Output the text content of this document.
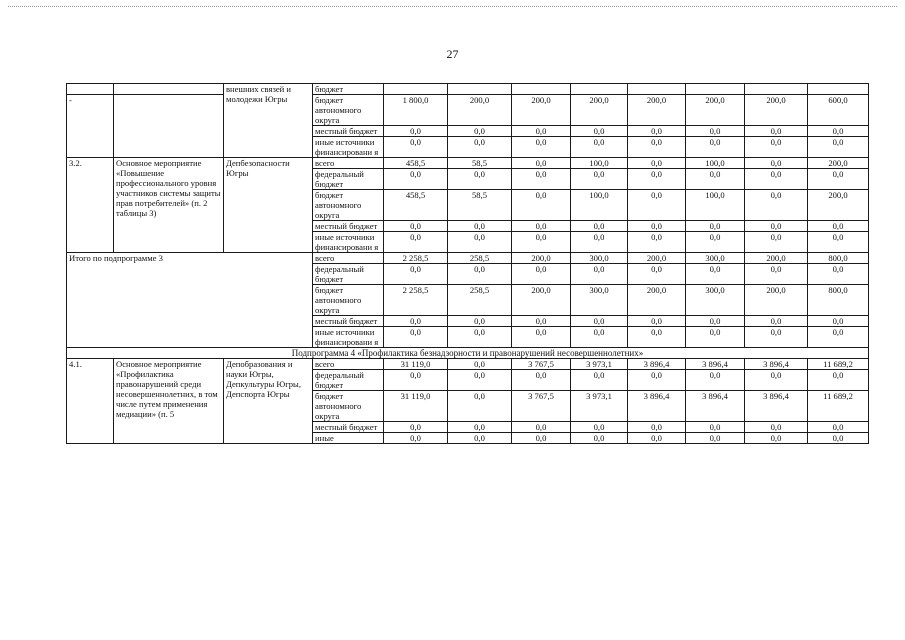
27
		внешних связей и молодежи Югры	бюджет								
-			бюджет автономного округа	1 800,0	200,0	200,0	200,0	200,0	200,0	200,0	600,0
			местный бюджет	0,0	0,0	0,0	0,0	0,0	0,0	0,0	0,0
			иные источники финансировани я	0,0	0,0	0,0	0,0	0,0	0,0	0,0	0,0
3.2.	Основное мероприятие «Повышение профессионального уровня участников системы защиты прав потребителей» (п. 2 таблицы 3)	Депбезопасности Югры	всего	458,5	58,5	0,0	100,0	0,0	100,0	0,0	200,0
			федеральный бюджет	0,0	0,0	0,0	0,0	0,0	0,0	0,0	0,0
			бюджет автономного округа	458,5	58,5	0,0	100,0	0,0	100,0	0,0	200,0
			местный бюджет	0,0	0,0	0,0	0,0	0,0	0,0	0,0	0,0
			иные источники финансировани я	0,0	0,0	0,0	0,0	0,0	0,0	0,0	0,0
Итого по подпрограмме 3			всего	2 258,5	258,5	200,0	300,0	200,0	300,0	200,0	800,0
			федеральный бюджет	0,0	0,0	0,0	0,0	0,0	0,0	0,0	0,0
			бюджет автономного округа	2 258,5	258,5	200,0	300,0	200,0	300,0	200,0	800,0
			местный бюджет	0,0	0,0	0,0	0,0	0,0	0,0	0,0	0,0
			иные источники финансировани я	0,0	0,0	0,0	0,0	0,0	0,0	0,0	0,0
Подпрограмма 4 «Профилактика безнадзорности и правонарушений несовершеннолетних»											
4.1.	Основное мероприятие «Профилактика правонарушений среди несовершеннолетних, в том числе путем применения медиации» (п. 5	Депобразования и науки Югры, Депкультуры Югры, Депспорта Югры	всего	31 119,0	0,0	3 767,5	3 973,1	3 896,4	3 896,4	3 896,4	11 689,2
			федеральный бюджет	0,0	0,0	0,0	0,0	0,0	0,0	0,0	0,0
			бюджет автономного округа	31 119,0	0,0	3 767,5	3 973,1	3 896,4	3 896,4	3 896,4	11 689,2
			местный бюджет	0,0	0,0	0,0	0,0	0,0	0,0	0,0	0,0
			иные	0,0	0,0	0,0	0,0	0,0	0,0	0,0	0,0
